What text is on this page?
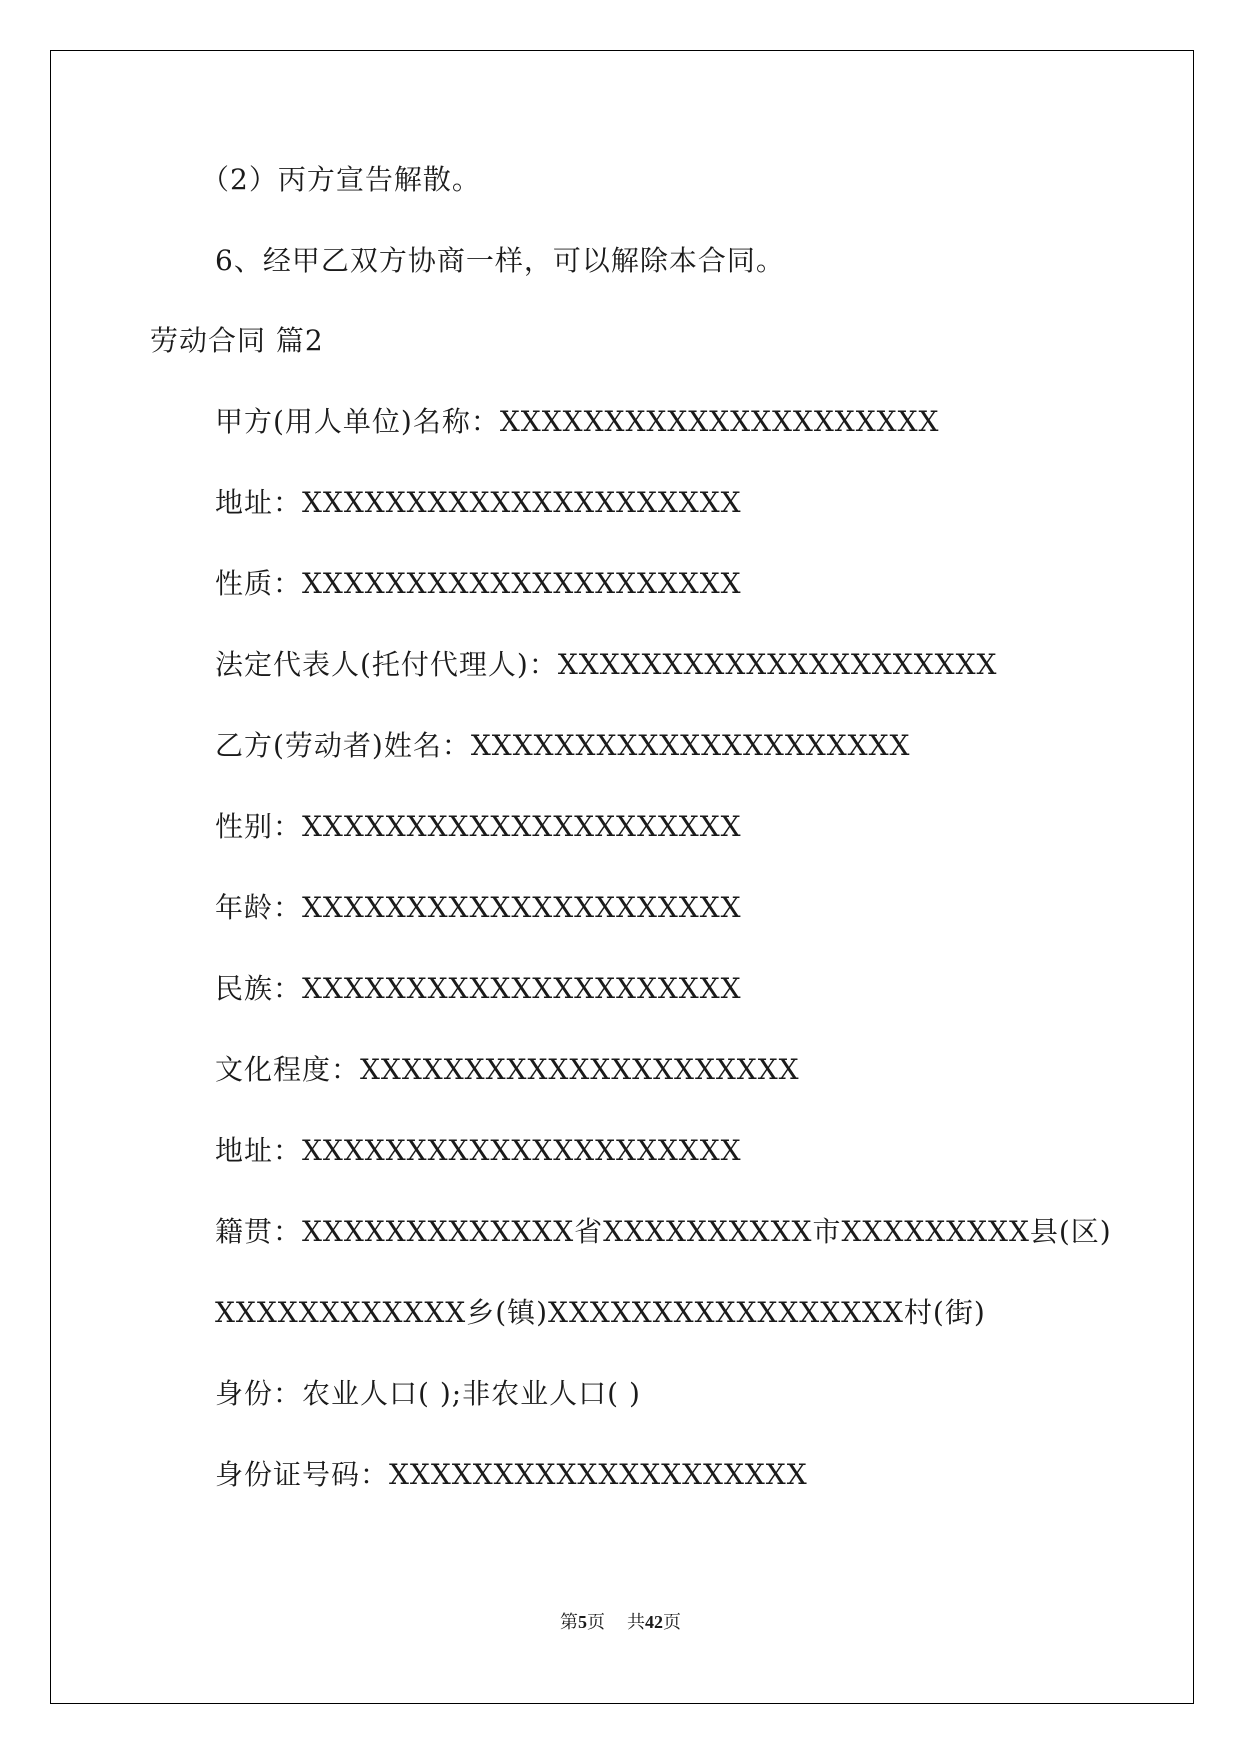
（2）丙方宣告解散。

6、经甲乙双方协商一样，可以解除本合同。

劳动合同 篇2

甲方(用人单位)名称：XXXXXXXXXXXXXXXXXXXXX

地址：XXXXXXXXXXXXXXXXXXXXX

性质：XXXXXXXXXXXXXXXXXXXXX

法定代表人(托付代理人)：XXXXXXXXXXXXXXXXXXXXX

乙方(劳动者)姓名：XXXXXXXXXXXXXXXXXXXXX

性别：XXXXXXXXXXXXXXXXXXXXX

年龄：XXXXXXXXXXXXXXXXXXXXX

民族：XXXXXXXXXXXXXXXXXXXXX

文化程度：XXXXXXXXXXXXXXXXXXXXX

地址：XXXXXXXXXXXXXXXXXXXXX

籍贯：XXXXXXXXXXXXX省XXXXXXXXXX市XXXXXXXXX县(区)

XXXXXXXXXXXX乡(镇)XXXXXXXXXXXXXXXXX村(街)

身份：农业人口( );非农业人口( )

身份证号码：XXXXXXXXXXXXXXXXXXXX

第5页 共42页
